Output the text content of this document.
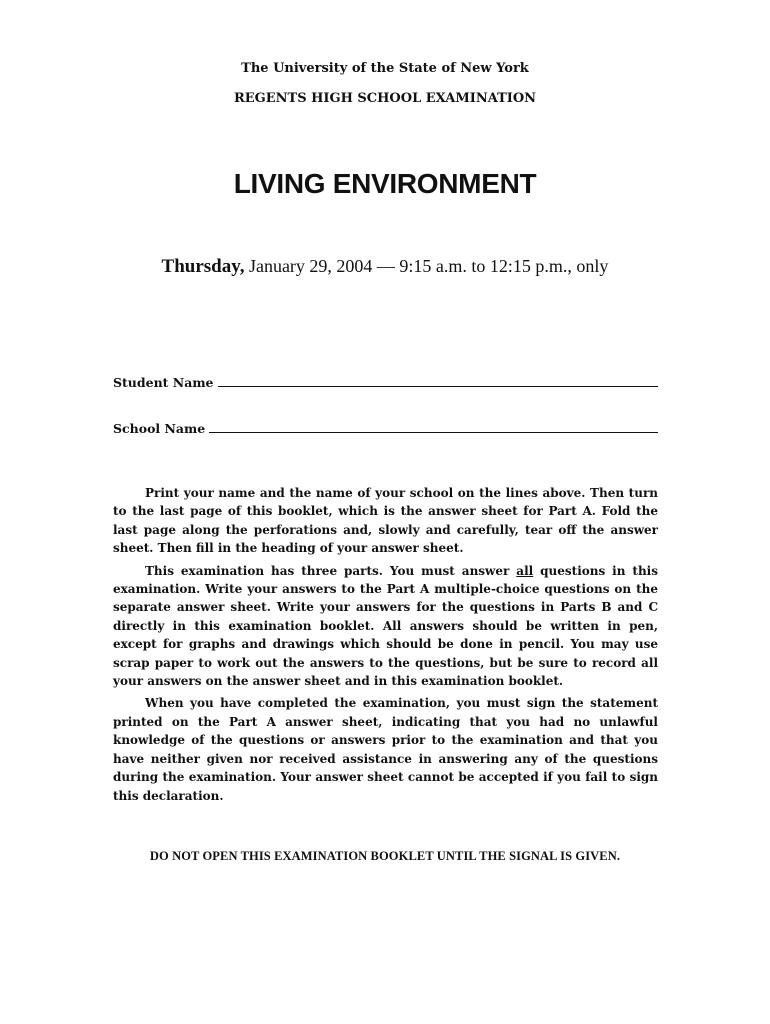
The University of the State of New York
REGENTS HIGH SCHOOL EXAMINATION
LIVING ENVIRONMENT
Thursday, January 29, 2004 — 9:15 a.m. to 12:15 p.m., only
Student Name
School Name

Print your name and the name of your school on the lines above. Then turn to the last page of this booklet, which is the answer sheet for Part A. Fold the last page along the perforations and, slowly and carefully, tear off the answer sheet. Then fill in the heading of your answer sheet.

This examination has three parts. You must answer all questions in this examination. Write your answers to the Part A multiple-choice questions on the separate answer sheet. Write your answers for the questions in Parts B and C directly in this examination booklet. All answers should be written in pen, except for graphs and drawings which should be done in pencil. You may use scrap paper to work out the answers to the questions, but be sure to record all your answers on the answer sheet and in this examination booklet.

When you have completed the examination, you must sign the statement printed on the Part A answer sheet, indicating that you had no unlawful knowledge of the questions or answers prior to the examination and that you have neither given nor received assistance in answering any of the questions during the examination. Your answer sheet cannot be accepted if you fail to sign this declaration.

DO NOT OPEN THIS EXAMINATION BOOKLET UNTIL THE SIGNAL IS GIVEN.
